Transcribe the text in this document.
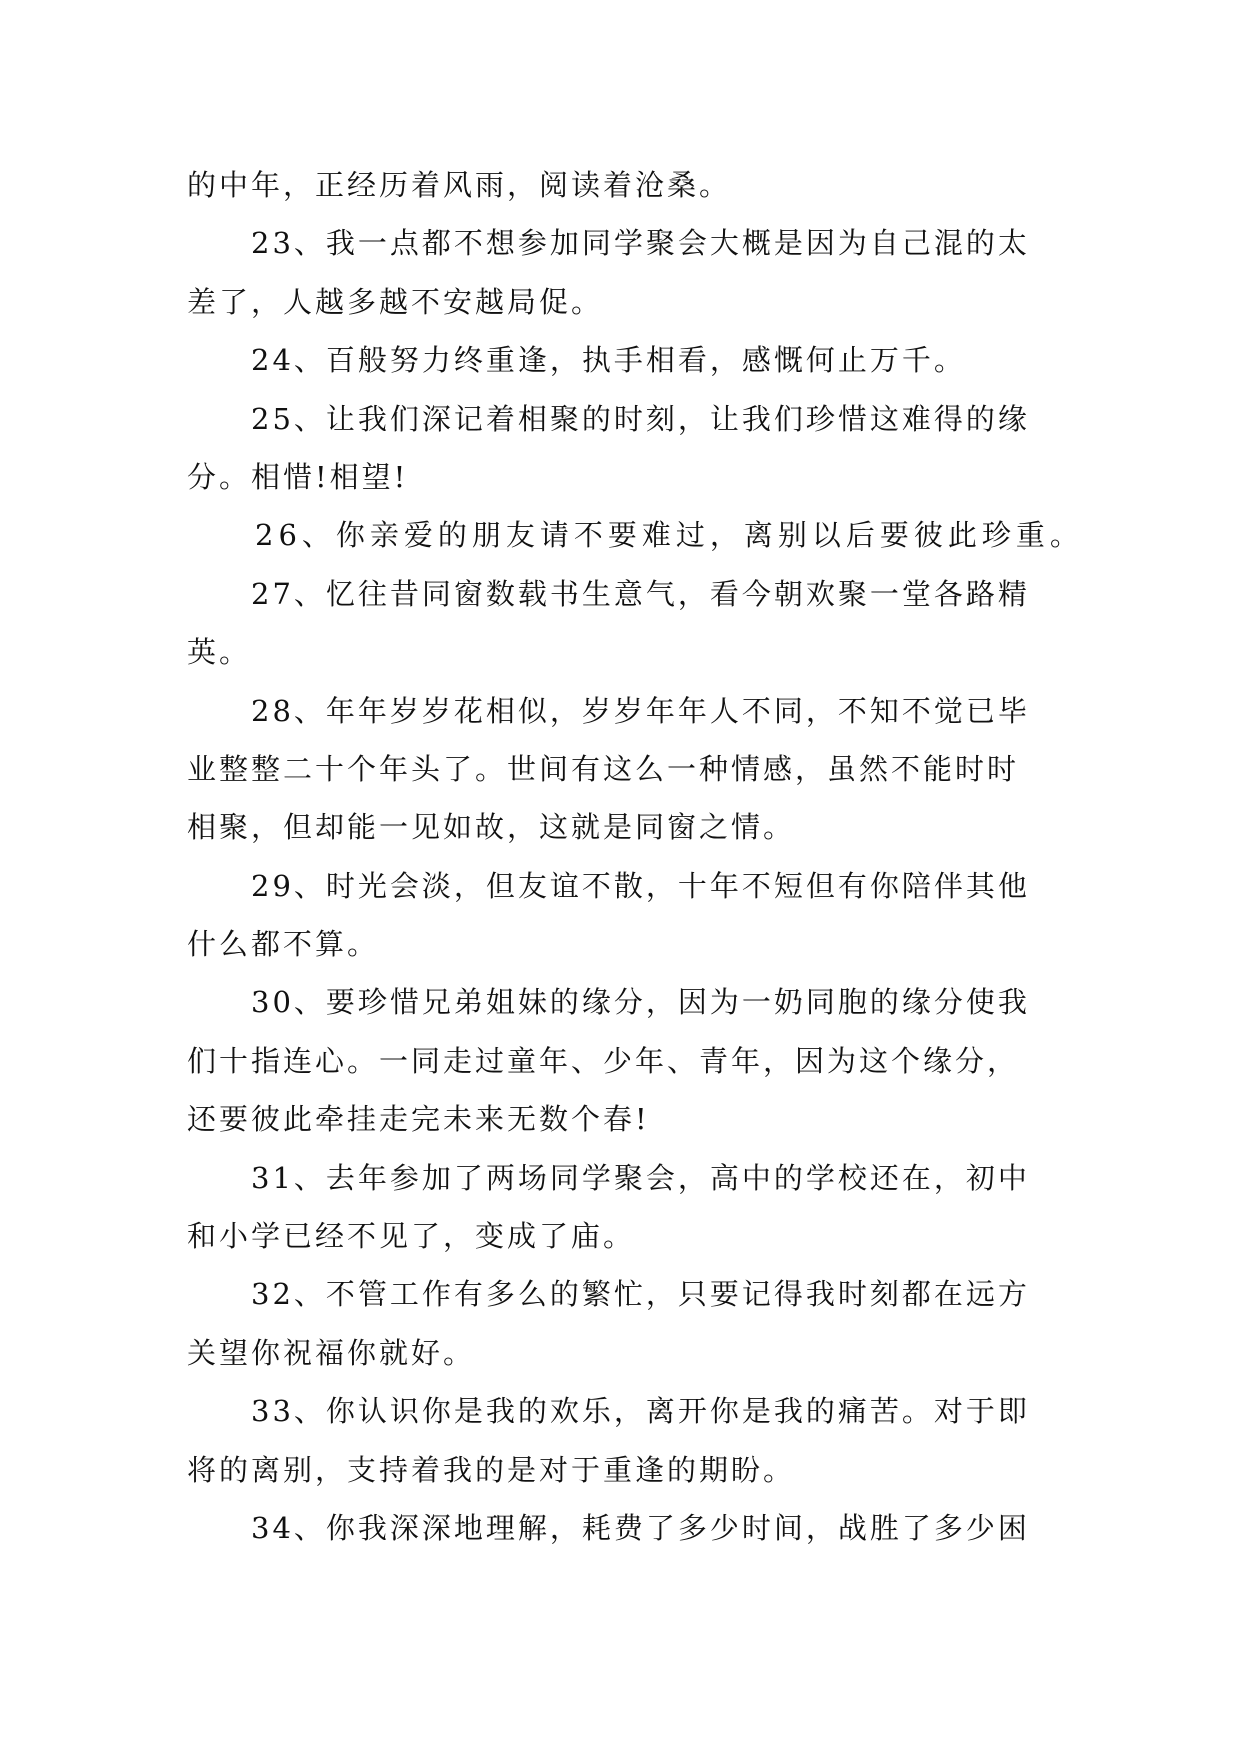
的中年，正经历着风雨，阅读着沧桑。
23、我一点都不想参加同学聚会大概是因为自己混的太
差了，人越多越不安越局促。
24、百般努力终重逢，执手相看，感慨何止万千。
25、让我们深记着相聚的时刻，让我们珍惜这难得的缘
分。相惜!相望!
26、你亲爱的朋友请不要难过，离别以后要彼此珍重。
27、忆往昔同窗数载书生意气，看今朝欢聚一堂各路精
英。
28、年年岁岁花相似，岁岁年年人不同，不知不觉已毕
业整整二十个年头了。世间有这么一种情感，虽然不能时时
相聚，但却能一见如故，这就是同窗之情。
29、时光会淡，但友谊不散，十年不短但有你陪伴其他
什么都不算。
30、要珍惜兄弟姐妹的缘分，因为一奶同胞的缘分使我
们十指连心。一同走过童年、少年、青年，因为这个缘分，
还要彼此牵挂走完未来无数个春!
31、去年参加了两场同学聚会，高中的学校还在，初中
和小学已经不见了，变成了庙。
32、不管工作有多么的繁忙，只要记得我时刻都在远方
关望你祝福你就好。
33、你认识你是我的欢乐，离开你是我的痛苦。对于即
将的离别，支持着我的是对于重逢的期盼。
34、你我深深地理解，耗费了多少时间，战胜了多少困
